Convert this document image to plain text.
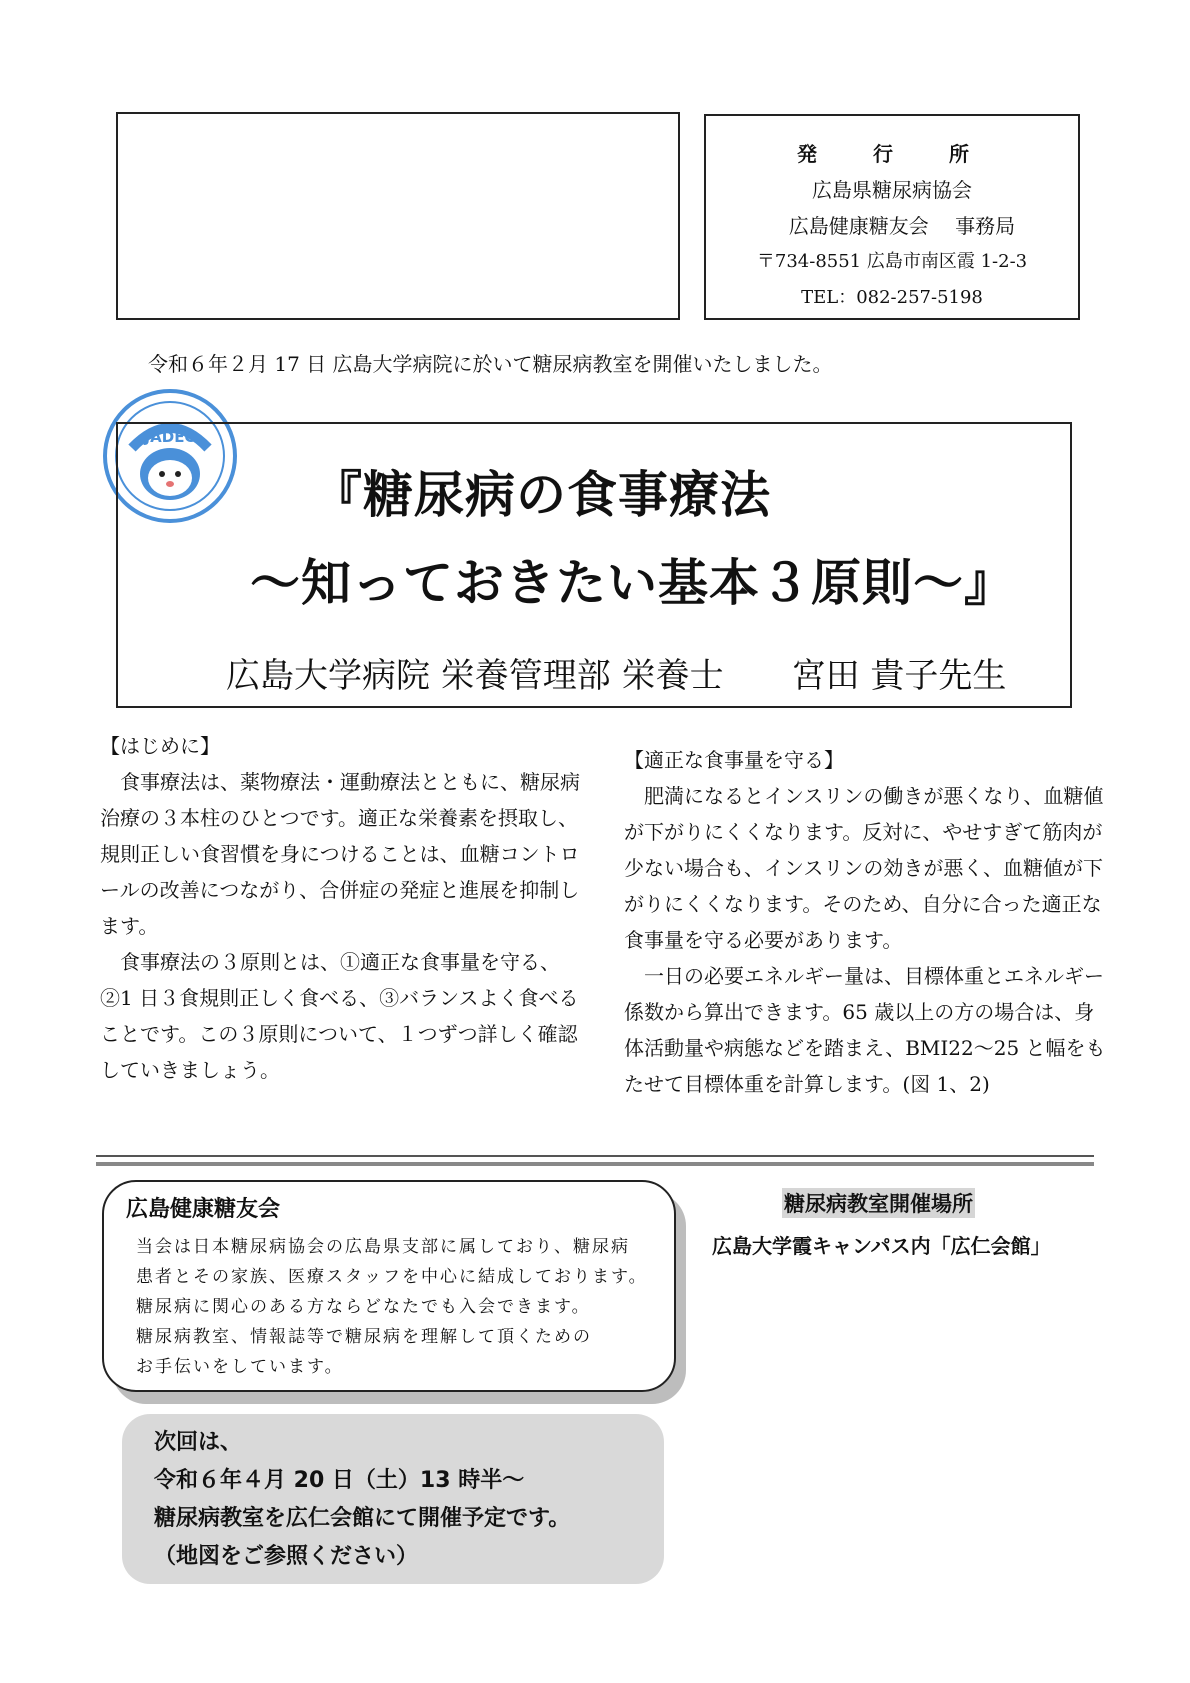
発　行　所
広島県糖尿病協会
広島健康糖友会　 事務局
〒734-8551 広島市南区霞 1-2-3
TEL：082-257-5198
令和６年２月 17 日 広島大学病院に於いて糖尿病教室を開催いたしました。
JADEC
『糖尿病の食事療法
～知っておきたい基本３原則～』
広島大学病院 栄養管理部 栄養士　　宮田 貴子先生
【はじめに】

食事療法は、薬物療法・運動療法とともに、糖尿病治療の３本柱のひとつです。適正な栄養素を摂取し、規則正しい食習慣を身につけることは、血糖コントロールの改善につながり、合併症の発症と進展を抑制します。

食事療法の３原則とは、①適正な食事量を守る、②1 日３食規則正しく食べる、③バランスよく食べることです。この３原則について、１つずつ詳しく確認していきましょう。

【適正な食事量を守る】

肥満になるとインスリンの働きが悪くなり、血糖値が下がりにくくなります。反対に、やせすぎて筋肉が少ない場合も、インスリンの効きが悪く、血糖値が下がりにくくなります。そのため、自分に合った適正な食事量を守る必要があります。

一日の必要エネルギー量は、目標体重とエネルギー係数から算出できます。65 歳以上の方の場合は、身体活動量や病態などを踏まえ、BMI22～25 と幅をもたせて目標体重を計算します。(図 1、2)

広島健康糖友会
当会は日本糖尿病協会の広島県支部に属しており、糖尿病
患者とその家族、医療スタッフを中心に結成しております。
糖尿病に関心のある方ならどなたでも入会できます。
糖尿病教室、情報誌等で糖尿病を理解して頂くための
お手伝いをしています。
糖尿病教室開催場所
広島大学霞キャンパス内「広仁会館」
次回は、
令和６年４月 20 日（土）13 時半～
糖尿病教室を広仁会館にて開催予定です。
（地図をご参照ください）
